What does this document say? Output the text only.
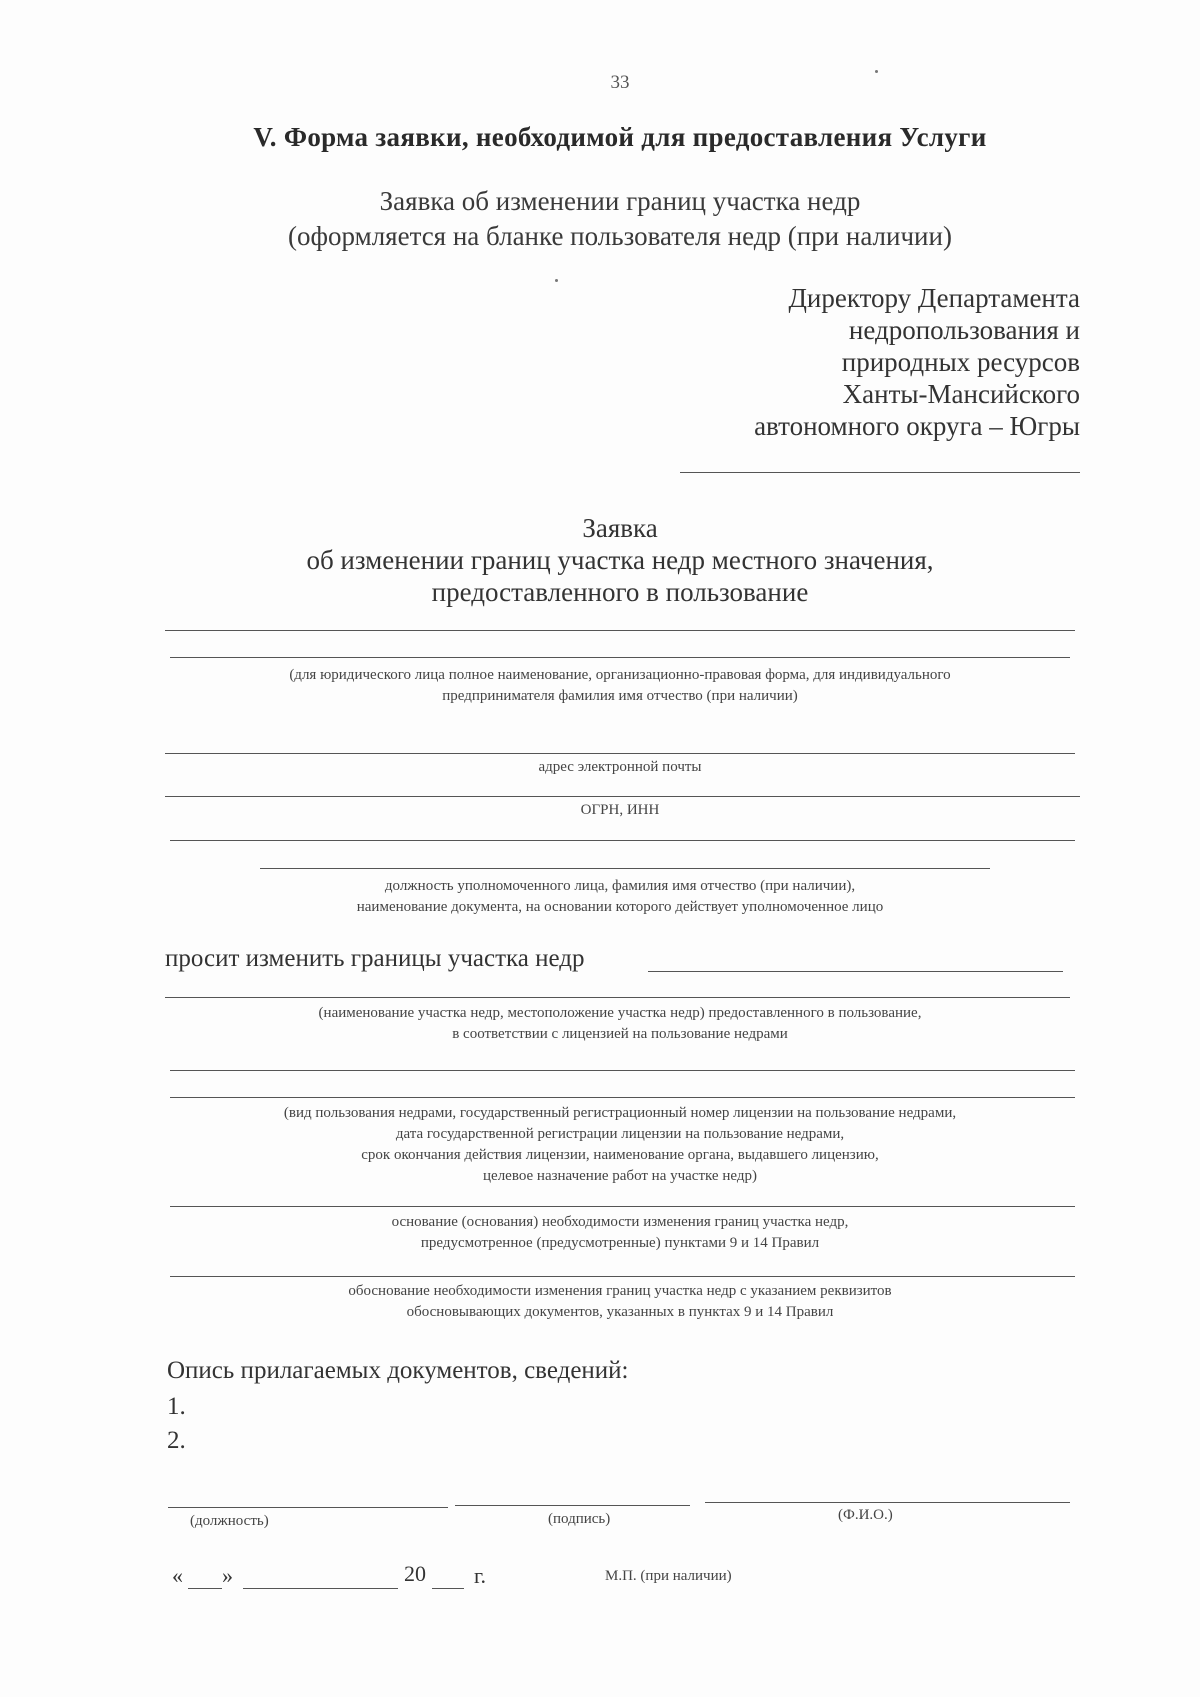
33
V. Форма заявки, необходимой для предоставления Услуги
Заявка об изменении границ участка недр
(оформляется на бланке пользователя недр (при наличии)
Директору Департамента
недропользования и
природных ресурсов
Ханты-Мансийского
автономного округа – Югры
Заявка
об изменении границ участка недр местного значения,
предоставленного в пользование
(для юридического лица полное наименование, организационно-правовая форма, для индивидуального
предпринимателя фамилия имя отчество (при наличии)
адрес электронной почты
ОГРН, ИНН
должность уполномоченного лица, фамилия имя отчество (при наличии),
наименование документа, на основании которого действует уполномоченное лицо
просит изменить границы участка недр
(наименование участка недр, местоположение участка недр) предоставленного в пользование,
в соответствии с лицензией на пользование недрами
(вид пользования недрами, государственный регистрационный номер лицензии на пользование недрами,
дата государственной регистрации лицензии на пользование недрами,
срок окончания действия лицензии, наименование органа, выдавшего лицензию,
целевое назначение работ на участке недр)
основание (основания) необходимости изменения границ участка недр,
предусмотренное (предусмотренные) пунктами 9 и 14 Правил
обоснование необходимости изменения границ участка недр с указанием реквизитов
обосновывающих документов, указанных в пунктах 9 и 14 Правил
Опись прилагаемых документов, сведений:
1.
2.
(должность)	(подпись)	(Ф.И.О.)
« »	20 г.	М.П. (при наличии)
